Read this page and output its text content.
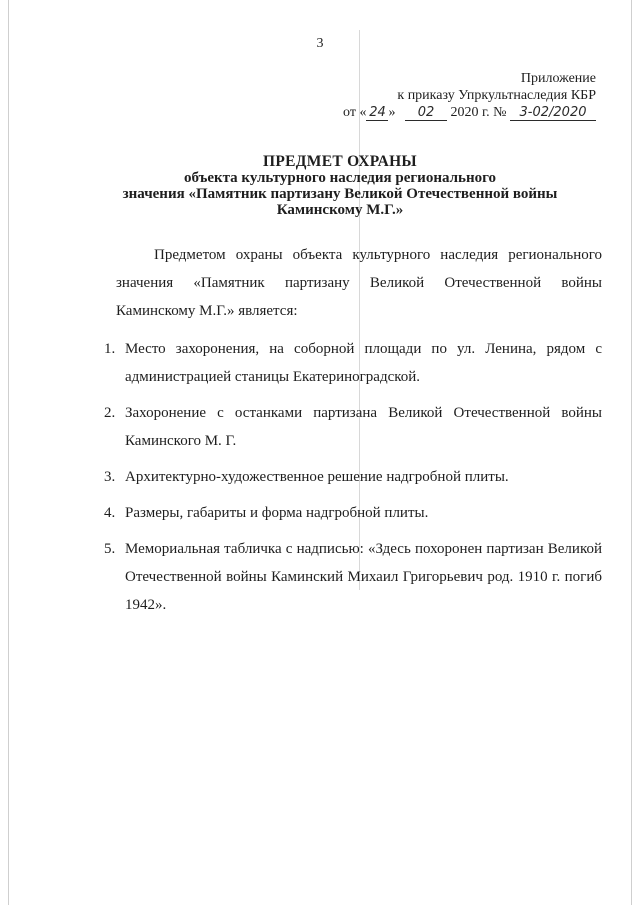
3
Приложение
к приказу Упркультнаследия КБР
от « 24 » 02 2020 г. № 3-02/2020
ПРЕДМЕТ ОХРАНЫ
объекта культурного наследия регионального
значения «Памятник партизану Великой Отечественной войны
Каминскому М.Г.»

Предметом охраны объекта культурного наследия регионального значения «Памятник партизану Великой Отечественной войны Каминскому М.Г.» является:

1. Место захоронения, на соборной площади по ул. Ленина, рядом с администрацией станицы Екатериноградской.
2. Захоронение с останками партизана Великой Отечественной войны Каминского М. Г.
3. Архитектурно-художественное решение надгробной плиты.
4. Размеры, габариты и форма надгробной плиты.
5. Мемориальная табличка с надписью: «Здесь похоронен партизан Великой Отечественной войны Каминский Михаил Григорьевич род. 1910 г. погиб 1942».
